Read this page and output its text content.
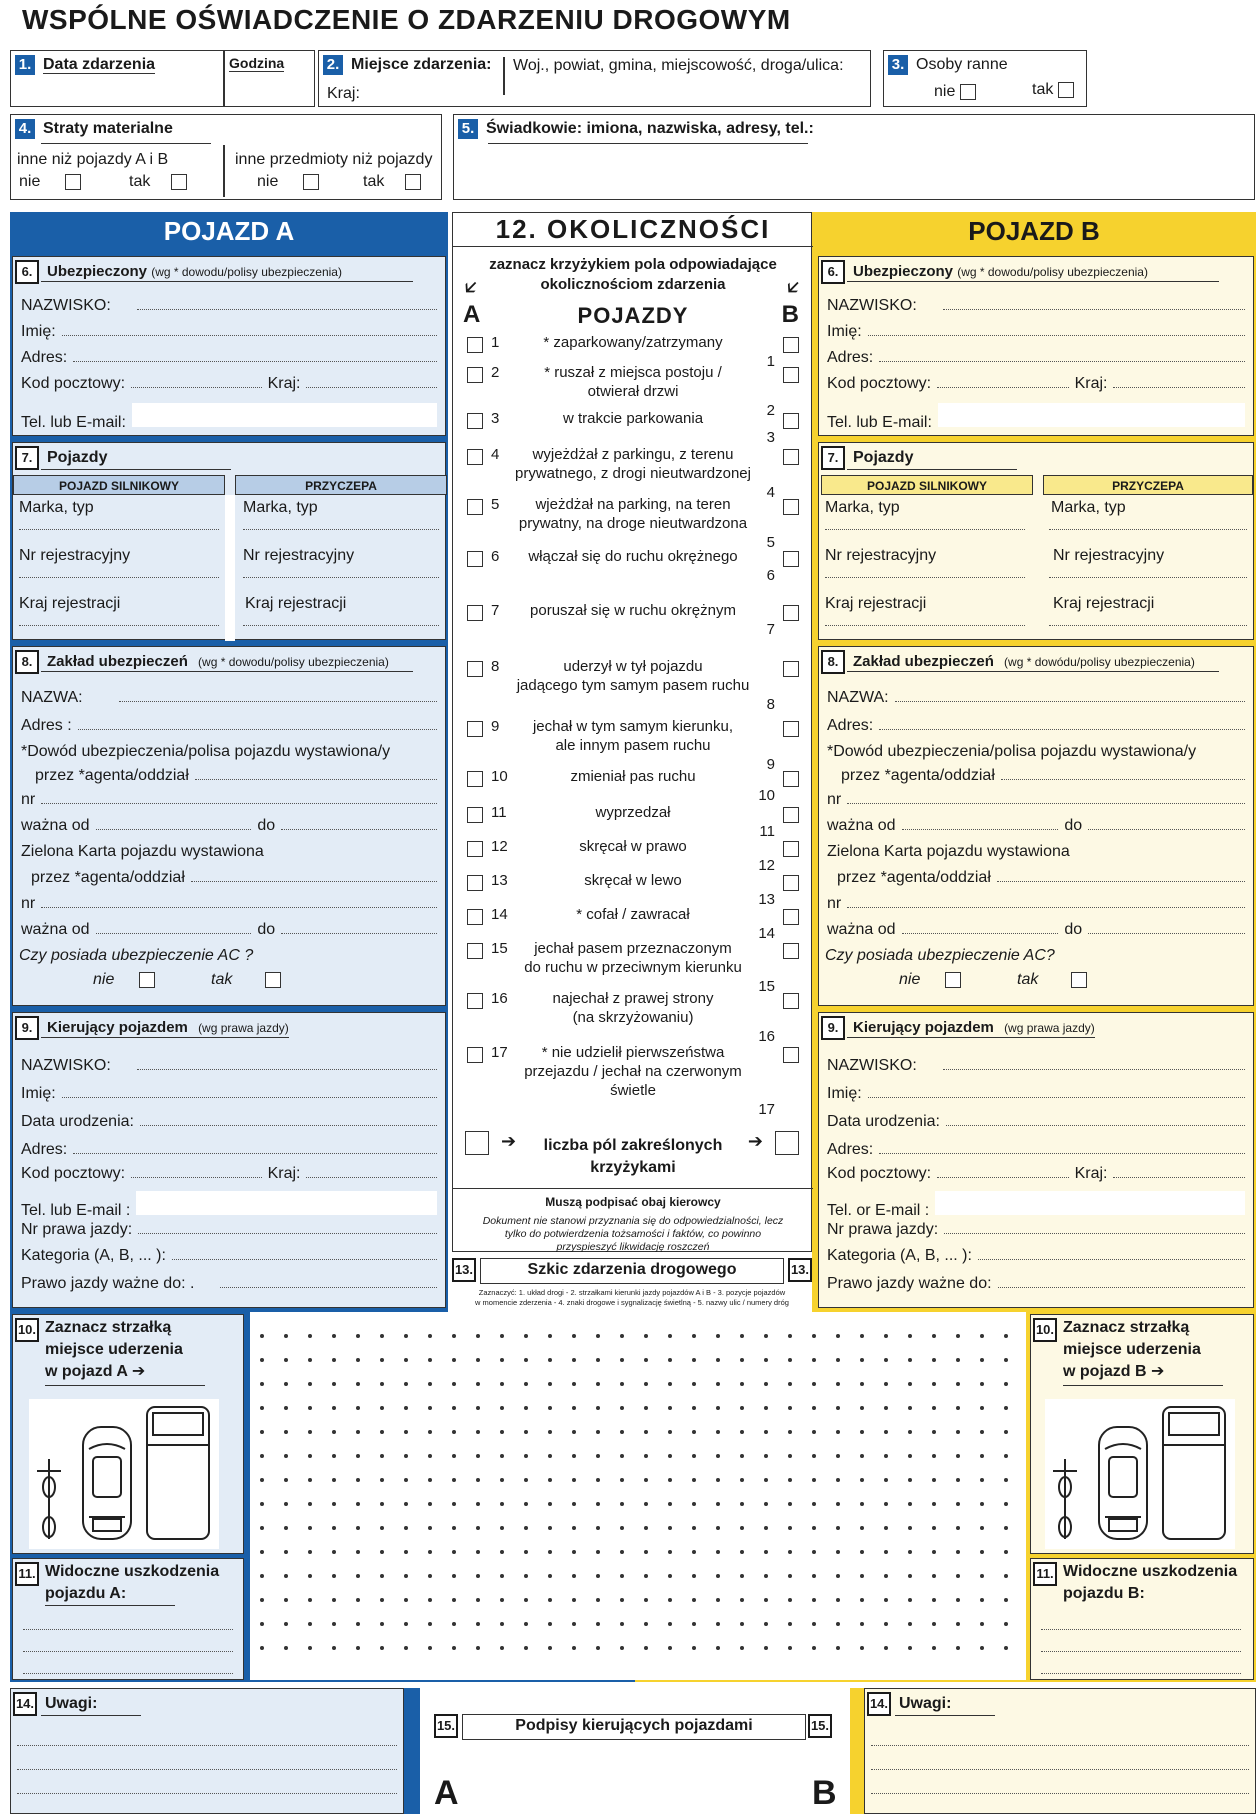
WSPÓLNE OŚWIADCZENIE O ZDARZENIU DROGOWYM
1. Data zdarzenia	Godzina	2. Miejsce zdarzenia: Woj., powiat, gmina, miejscowość, droga/ulica:
Kraj:
3. Osoby ranne
nie	tak
4. Straty materialne
inne niż pojazdy A i B
nie	tak
inne przedmioty niż pojazdy
nie	tak
5. Świadkowie: imiona, nazwiska, adresy, tel.:
POJAZD A
6. Ubezpieczony (wg * dowodu/polisy ubezpieczenia)
NAZWISKO:
Imię:
Adres:
Kod pocztowy:	Kraj:
Tel. lub E-mail:
7. Pojazdy
POJAZD SILNIKOWY	PRZYCZEPA
Marka, typ
Nr rejestracyjny
Kraj rejestracji
Marka, typ
Nr rejestracyjny
Kraj rejestracji
8. Zakład ubezpieczeń (wg * dowodu/polisy ubezpieczenia)
NAZWA:
Adres :
*Dowód ubezpieczenia/polisa pojazdu wystawiona/y
przez *agenta/oddział
nr
ważna od	do
Zielona Karta pojazdu wystawiona
przez *agenta/oddział
nr
ważna od	do
Czy posiada ubezpieczenie AC ?
nie	tak
9. Kierujący pojazdem (wg prawa jazdy)
NAZWISKO:
Imię:
Data urodzenia:
Adres:
Kod pocztowy:	Kraj:
Tel. lub E-mail :
Nr prawa jazdy:
Kategoria (A, B, ... ):
Prawo jazdy ważne do: .
POJAZD B
6. Ubezpieczony (wg * dowodu/polisy ubezpieczenia)
NAZWISKO:
Imię:
Adres:
Kod pocztowy:	Kraj:
Tel. lub E-mail:
7. Pojazdy
POJAZD SILNIKOWY	PRZYCZEPA
Marka, typ
Nr rejestracyjny
Kraj rejestracji
Marka, typ
Nr rejestracyjny
Kraj rejestracji
8. Zakład ubezpieczeń (wg * dowódu/polisy ubezpieczenia)
NAZWA:
Adres:
*Dowód ubezpieczenia/polisa pojazdu wystawiona/y
przez *agenta/oddział
nr
ważna od	do
Zielona Karta pojazdu wystawiona
przez *agenta/oddział
nr
ważna od	do
Czy posiada ubezpieczenie AC?
nie	tak
9. Kierujący pojazdem (wg prawa jazdy)
NAZWISKO:
Imię:
Data urodzenia:
Adres:
Kod pocztowy:	Kraj:
Tel. or E-mail :
Nr prawa jazdy:
Kategoria (A, B, ... ):
Prawo jazdy ważne do:
12. OKOLICZNOŚCI
zaznacz krzyżykiem pola odpowiadające
okolicznościom zdarzenia
🡧	🡧
A	B
POJAZDY
1	* zaparkowany/zatrzymany
1
2	* ruszał z miejsca postoju /
otwierał drzwi
2
3	w trakcie parkowania
3
4	wyjeżdżał z parkingu, z terenu
prywatnego, z drogi nieutwardzonej
4
5	wjeżdżał na parking, na teren
prywatny, na droge nieutwardzona
5
6	włączał się do ruchu okrężnego
6
7	poruszał się w ruchu okrężnym
7
8	uderzył w tył pojazdu
jadącego tym samym pasem ruchu
8
9	jechał w tym samym kierunku,
ale innym pasem ruchu
9
10	zmieniał pas ruchu
10
11	wyprzedzał
11
12	skręcał w prawo
12
13	skręcał w lewo
13
14	* cofał / zawracał
14
15	jechał pasem przeznaczonym
do ruchu w przeciwnym kierunku
15
16	najechał z prawej strony
(na skrzyżowaniu)
16
17	* nie udzielił pierwszeństwa
przejazdu / jechał na czerwonym świetle
17
➔	liczba pól zakreślonych
krzyżykami
➔
Muszą podpisać obaj kierowcy
Dokument nie stanowi przyznania się do odpowiedzialności, lecz
tylko do potwierdzenia tożsamości i faktów, co powinno
przyspieszyć likwidację roszczeń
13.	13.
Szkic zdarzenia drogowego
Zaznaczyć: 1. układ drogi - 2. strzałkami kierunki jazdy pojazdów A i B - 3. pozycje pojazdów
w momencie zderzenia - 4. znaki drogowe i sygnalizację świetlną - 5. nazwy ulic / numery dróg
10. Zaznacz strzałką
miejsce uderzenia
w pojazd A ➔
11. Widoczne uszkodzenia
pojazdu A:
10. Zaznacz strzałką
miejsce uderzenia
w pojazd B ➔
11. Widoczne uszkodzenia
pojazdu B:
14. Uwagi:	14. Uwagi:
15.	15.
Podpisy kierujących pojazdami
A	B
